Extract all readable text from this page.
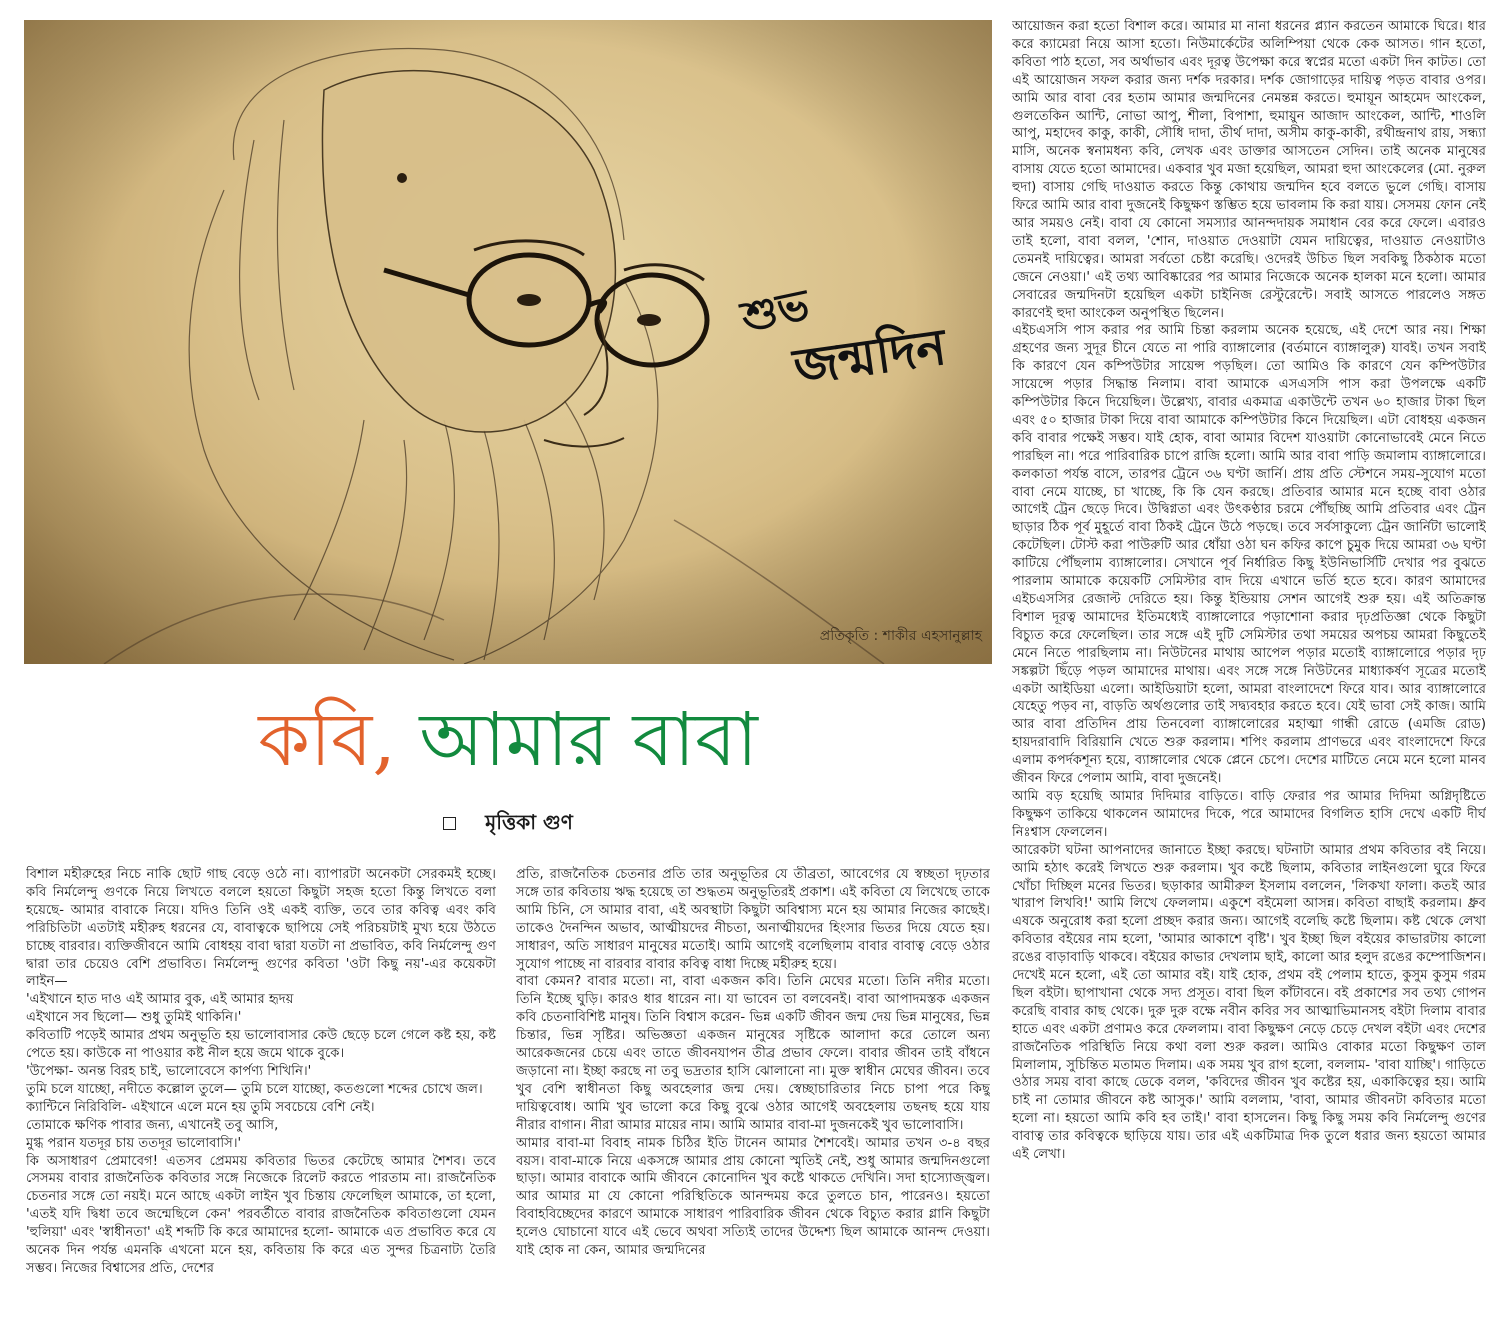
শুভ
জন্মদিন
প্রতিকৃতি : শাকীর এহসানুল্লাহ
কবি, আমার বাবা
মৃত্তিকা গুণ

বিশাল মহীরুহের নিচে নাকি ছোট গাছ বেড়ে ওঠে না। ব্যাপারটা অনেকটা সেরকমই হচ্ছে। কবি নির্মলেন্দু গুণকে নিয়ে লিখতে বললে হয়তো কিছুটা সহজ হতো কিন্তু লিখতে বলা হয়েছে- আমার বাবাকে নিয়ে। যদিও তিনি ওই একই ব্যক্তি, তবে তার কবিত্ব এবং কবি পরিচিতিটা এতটাই মহীরুহ ধরনের যে, বাবাত্বকে ছাপিয়ে সেই পরিচয়টাই মুখ্য হয়ে উঠতে চাচ্ছে বারবার। ব্যক্তিজীবনে আমি বোধহয় বাবা দ্বারা যতটা না প্রভাবিত, কবি নির্মলেন্দু গুণ দ্বারা তার চেয়েও বেশি প্রভাবিত। নির্মলেন্দু গুণের কবিতা 'ওটা কিছু নয়'-এর কয়েকটা লাইন—

'এইখানে হাত দাও এই আমার বুক, এই আমার হৃদয়

এইখানে সব ছিলো— শুধু তুমিই থাকিনি।'

কবিতাটি পড়েই আমার প্রথম অনুভূতি হয় ভালোবাসার কেউ ছেড়ে চলে গেলে কষ্ট হয়, কষ্ট পেতে হয়। কাউকে না পাওয়ার কষ্ট নীল হয়ে জমে থাকে বুকে।

'উপেক্ষা- অনন্ত বিরহ চাই, ভালোবেসে কার্পণ্য শিখিনি।'

তুমি চলে যাচ্ছো, নদীতে কল্লোল তুলে— তুমি চলে যাচ্ছো, কতগুলো শব্দের চোখে জল।

ক্যান্টিনে নিরিবিলি- এইখানে এলে মনে হয় তুমি সবচেয়ে বেশি নেই।

তোমাকে ক্ষণিক পাবার জন্য, এখানেই তবু আসি,

মুগ্ধ পরান যতদূর চায় ততদূর ভালোবাসি।'

কি অসাধারণ প্রেমাবেগ! এতসব প্রেমময় কবিতার ভিতর কেটেছে আমার শৈশব। তবে সেসময় বাবার রাজনৈতিক কবিতার সঙ্গে নিজেকে রিলেট করতে পারতাম না। রাজনৈতিক চেতনার সঙ্গে তো নয়ই। মনে আছে একটা লাইন খুব চিন্তায় ফেলেছিল আমাকে, তা হলো, 'এতই যদি দ্বিধা তবে জন্মেছিলে কেন' পরবর্তীতে বাবার রাজনৈতিক কবিতাগুলো যেমন 'হুলিয়া' এবং 'স্বাধীনতা' এই শব্দটি কি করে আমাদের হলো- আমাকে এত প্রভাবিত করে যে অনেক দিন পর্যন্ত এমনকি এখনো মনে হয়, কবিতায় কি করে এত সুন্দর চিত্রনাট্য তৈরি সম্ভব। নিজের বিশ্বাসের প্রতি, দেশের

প্রতি, রাজনৈতিক চেতনার প্রতি তার অনুভূতির যে তীব্রতা, আবেগের যে স্বচ্ছতা দৃঢ়তার সঙ্গে তার কবিতায় ঋদ্ধ হয়েছে তা শুদ্ধতম অনুভূতিরই প্রকাশ। এই কবিতা যে লিখেছে তাকে আমি চিনি, সে আমার বাবা, এই অবস্থাটা কিছুটা অবিশ্বাস্য মনে হয় আমার নিজের কাছেই। তাকেও দৈনন্দিন অভাব, আত্মীয়দের নীচতা, অনাত্মীয়দের হিংসার ভিতর দিয়ে যেতে হয়। সাধারণ, অতি সাধারণ মানুষের মতোই। আমি আগেই বলেছিলাম বাবার বাবাত্ব বেড়ে ওঠার সুযোগ পাচ্ছে না বারবার বাবার কবিত্ব বাধা দিচ্ছে মহীরুহ হয়ে।

বাবা কেমন? বাবার মতো। না, বাবা একজন কবি। তিনি মেঘের মতো। তিনি নদীর মতো। তিনি ইচ্ছে ঘুড়ি। কারও ধার ধারেন না। যা ভাবেন তা বলবেনই। বাবা আপাদমস্তক একজন কবি চেতনাবিশিষ্ট মানুষ। তিনি বিশ্বাস করেন- ভিন্ন একটি জীবন জন্ম দেয় ভিন্ন মানুষের, ভিন্ন চিন্তার, ভিন্ন সৃষ্টির। অভিজ্ঞতা একজন মানুষের সৃষ্টিকে আলাদা করে তোলে অন্য আরেকজনের চেয়ে এবং তাতে জীবনযাপন তীব্র প্রভাব ফেলে। বাবার জীবন তাই বাঁধনে জড়ানো না। ইচ্ছা করছে না তবু ভদ্রতার হাসি ঝোলানো না। মুক্ত স্বাধীন মেঘের জীবন। তবে খুব বেশি স্বাধীনতা কিছু অবহেলার জন্ম দেয়। স্বেচ্ছাচারিতার নিচে চাপা পরে কিছু দায়িত্ববোধ। আমি খুব ভালো করে কিছু বুঝে ওঠার আগেই অবহেলায় তছনছ হয়ে যায় নীরার বাগান। নীরা আমার মায়ের নাম। আমি আমার বাবা-মা দুজনকেই খুব ভালোবাসি।

আমার বাবা-মা বিবাহ নামক চিঠির ইতি টানেন আমার শৈশবেই। আমার তখন ৩-৪ বছর বয়স। বাবা-মাকে নিয়ে একসঙ্গে আমার প্রায় কোনো স্মৃতিই নেই, শুধু আমার জন্মদিনগুলো ছাড়া। আমার বাবাকে আমি জীবনে কোনোদিন খুব কষ্টে থাকতে দেখিনি। সদা হাস্যোজ্জ্বল। আর আমার মা যে কোনো পরিস্থিতিকে আনন্দময় করে তুলতে চান, পারেনও। হয়তো বিবাহবিচ্ছেদের কারণে আমাকে সাধারণ পারিবারিক জীবন থেকে বিচ্যুত করার গ্লানি কিছুটা হলেও ঘোচানো যাবে এই ভেবে অথবা সত্যিই তাদের উদ্দেশ্য ছিল আমাকে আনন্দ দেওয়া। যাই হোক না কেন, আমার জন্মদিনের

আয়োজন করা হতো বিশাল করে। আমার মা নানা ধরনের প্ল্যান করতেন আমাকে ঘিরে। ধার করে ক্যামেরা নিয়ে আসা হতো। নিউমার্কেটের অলিম্পিয়া থেকে কেক আসত। গান হতো, কবিতা পাঠ হতো, সব অর্থাভাব এবং দূরত্ব উপেক্ষা করে স্বপ্নের মতো একটা দিন কাটত। তো এই আয়োজন সফল করার জন্য দর্শক দরকার। দর্শক জোগাড়ের দায়িত্ব পড়ত বাবার ওপর। আমি আর বাবা বের হতাম আমার জন্মদিনের নেমন্তন্ন করতে। হুমায়ূন আহমেদ আংকেল, গুলতেকিন আন্টি, নোভা আপু, শীলা, বিপাশা, হুমায়ুন আজাদ আংকেল, আন্টি, শাওলি আপু, মহাদেব কাকু, কাকী, সৌধি দাদা, তীর্থ দাদা, অসীম কাকু-কাকী, রথীন্দ্রনাথ রায়, সন্ধ্যা মাসি, অনেক স্বনামধন্য কবি, লেখক এবং ডাক্তার আসতেন সেদিন। তাই অনেক মানুষের বাসায় যেতে হতো আমাদের। একবার খুব মজা হয়েছিল, আমরা হুদা আংকেলের (মো. নুরুল হুদা) বাসায় গেছি দাওয়াত করতে কিন্তু কোথায় জন্মদিন হবে বলতে ভুলে গেছি। বাসায় ফিরে আমি আর বাবা দুজনেই কিছুক্ষণ স্তম্ভিত হয়ে ভাবলাম কি করা যায়। সেসময় ফোন নেই আর সময়ও নেই। বাবা যে কোনো সমস্যার আনন্দদায়ক সমাধান বের করে ফেলে। এবারও তাই হলো, বাবা বলল, 'শোন, দাওয়াত দেওয়াটা যেমন দায়িত্বের, দাওয়াত নেওয়াটাও তেমনই দায়িত্বের। আমরা সর্বতো চেষ্টা করেছি। ওদেরই উচিত ছিল সবকিছু ঠিকঠাক মতো জেনে নেওয়া।' এই তথ্য আবিষ্কারের পর আমার নিজেকে অনেক হালকা মনে হলো। আমার সেবারের জন্মদিনটা হয়েছিল একটা চাইনিজ রেস্টুরেন্টে। সবাই আসতে পারলেও সঙ্গত কারণেই হুদা আংকেল অনুপস্থিত ছিলেন।

এইচএসসি পাস করার পর আমি চিন্তা করলাম অনেক হয়েছে, এই দেশে আর নয়। শিক্ষা গ্রহণের জন্য সুদূর চীনে যেতে না পারি ব্যাঙ্গালোর (বর্তমানে ব্যাঙ্গালুরু) যাবই। তখন সবাই কি কারণে যেন কম্পিউটার সায়েন্স পড়ছিল। তো আমিও কি কারণে যেন কম্পিউটার সায়েন্সে পড়ার সিদ্ধান্ত নিলাম। বাবা আমাকে এসএসসি পাস করা উপলক্ষে একটি কম্পিউটার কিনে দিয়েছিল। উল্লেখ্য, বাবার একমাত্র একাউন্টে তখন ৬০ হাজার টাকা ছিল এবং ৫০ হাজার টাকা দিয়ে বাবা আমাকে কম্পিউটার কিনে দিয়েছিল। এটা বোধহয় একজন কবি বাবার পক্ষেই সম্ভব। যাই হোক, বাবা আমার বিদেশ যাওয়াটা কোনোভাবেই মেনে নিতে পারছিল না। পরে পারিবারিক চাপে রাজি হলো। আমি আর বাবা পাড়ি জমালাম ব্যাঙ্গালোরে। কলকাতা পর্যন্ত বাসে, তারপর ট্রেনে ৩৬ ঘণ্টা জার্নি। প্রায় প্রতি স্টেশনে সময়-সুযোগ মতো বাবা নেমে যাচ্ছে, চা খাচ্ছে, কি কি যেন করছে। প্রতিবার আমার মনে হচ্ছে বাবা ওঠার আগেই ট্রেন ছেড়ে দিবে। উদ্বিগ্নতা এবং উৎকণ্ঠার চরমে পৌঁছচ্ছি আমি প্রতিবার এবং ট্রেন ছাড়ার ঠিক পূর্ব মুহূর্তে বাবা ঠিকই ট্রেনে উঠে পড়ছে। তবে সর্বসাকুল্যে ট্রেন জার্নিটা ভালোই কেটেছিল। টোস্ট করা পাউরুটি আর ধোঁয়া ওঠা ঘন কফির কাপে চুমুক দিয়ে আমরা ৩৬ ঘণ্টা কাটিয়ে পৌঁছলাম ব্যাঙ্গালোর। সেখানে পূর্ব নির্ধারিত কিছু ইউনিভার্সিটি দেখার পর বুঝতে পারলাম আমাকে কয়েকটি সেমিস্টার বাদ দিয়ে এখানে ভর্তি হতে হবে। কারণ আমাদের এইচএসসির রেজাল্ট দেরিতে হয়। কিন্তু ইন্ডিয়ায় সেশন আগেই শুরু হয়। এই অতিক্রান্ত বিশাল দূরত্ব আমাদের ইতিমধ্যেই ব্যাঙ্গালোরে পড়াশোনা করার দৃঢ়প্রতিজ্ঞা থেকে কিছুটা বিচ্যুত করে ফেলেছিল। তার সঙ্গে এই দুটি সেমিস্টার তথা সময়ের অপচয় আমরা কিছুতেই মেনে নিতে পারছিলাম না। নিউটনের মাথায় আপেল পড়ার মতোই ব্যাঙ্গালোরে পড়ার দৃঢ় সঙ্কল্পটা ছিঁড়ে পড়ল আমাদের মাথায়। এবং সঙ্গে সঙ্গে নিউটনের মাধ্যাকর্ষণ সূত্রের মতোই একটা আইডিয়া এলো। আইডিয়াটা হলো, আমরা বাংলাদেশে ফিরে যাব। আর ব্যাঙ্গালোরে যেহেতু পড়ব না, বাড়তি অর্থগুলোর তাই সদ্ব্যবহার করতে হবে। যেই ভাবা সেই কাজ। আমি আর বাবা প্রতিদিন প্রায় তিনবেলা ব্যাঙ্গালোরের মহাত্মা গান্ধী রোডে (এমজি রোড) হায়দরাবাদি বিরিয়ানি খেতে শুরু করলাম। শপিং করলাম প্রাণভরে এবং বাংলাদেশে ফিরে এলাম কপর্দকশূন্য হয়ে, ব্যাঙ্গালোর থেকে প্লেনে চেপে। দেশের মাটিতে নেমে মনে হলো মানব জীবন ফিরে পেলাম আমি, বাবা দুজনেই।

আমি বড় হয়েছি আমার দিদিমার বাড়িতে। বাড়ি ফেরার পর আমার দিদিমা অগ্নিদৃষ্টিতে কিছুক্ষণ তাকিয়ে থাকলেন আমাদের দিকে, পরে আমাদের বিগলিত হাসি দেখে একটি দীর্ঘ নিঃশ্বাস ফেললেন।

আরেকটা ঘটনা আপনাদের জানাতে ইচ্ছা করছে। ঘটনাটা আমার প্রথম কবিতার বই নিয়ে। আমি হঠাৎ করেই লিখতে শুরু করলাম। খুব কষ্টে ছিলাম, কবিতার লাইনগুলো ঘুরে ফিরে খোঁচা দিচ্ছিল মনের ভিতর। ছড়াকার আমীরুল ইসলাম বললেন, 'লিকখা ফালা। কতই আর খারাপ লিখবি!' আমি লিখে ফেললাম। একুশে বইমেলা আসন্ন। কবিতা বাছাই করলাম। ধ্রুব এষকে অনুরোধ করা হলো প্রচ্ছদ করার জন্য। আগেই বলেছি কষ্টে ছিলাম। কষ্ট থেকে লেখা কবিতার বইয়ের নাম হলো, 'আমার আকাশে বৃষ্টি'। খুব ইচ্ছা ছিল বইয়ের কাভারটায় কালো রঙের বাড়াবাড়ি থাকবে। বইয়ের কাভার দেখলাম ছাই, কালো আর হলুদ রঙের কম্পোজিশন। দেখেই মনে হলো, এই তো আমার বই। যাই হোক, প্রথম বই পেলাম হাতে, কুসুম কুসুম গরম ছিল বইটা। ছাপাখানা থেকে সদ্য প্রসূত। বাবা ছিল কাঁটাবনে। বই প্রকাশের সব তথ্য গোপন করেছি বাবার কাছ থেকে। দুরু দুরু বক্ষে নবীন কবির সব আত্মাভিমানসহ বইটা দিলাম বাবার হাতে এবং একটা প্রণামও করে ফেললাম। বাবা কিছুক্ষণ নেড়ে চেড়ে দেখল বইটা এবং দেশের রাজনৈতিক পরিস্থিতি নিয়ে কথা বলা শুরু করল। আমিও বোকার মতো কিছুক্ষণ তাল মিলালাম, সুচিন্তিত মতামত দিলাম। এক সময় খুব রাগ হলো, বললাম- 'বাবা যাচ্ছি'। গাড়িতে ওঠার সময় বাবা কাছে ডেকে বলল, 'কবিদের জীবন খুব কষ্টের হয়, একাকিত্বের হয়। আমি চাই না তোমার জীবনে কষ্ট আসুক।' আমি বললাম, 'বাবা, আমার জীবনটা কবিতার মতো হলো না। হয়তো আমি কবি হব তাই।' বাবা হাসলেন। কিছু কিছু সময় কবি নির্মলেন্দু গুণের বাবাত্ব তার কবিত্বকে ছাড়িয়ে যায়। তার এই একটিমাত্র দিক তুলে ধরার জন্য হয়তো আমার এই লেখা।
